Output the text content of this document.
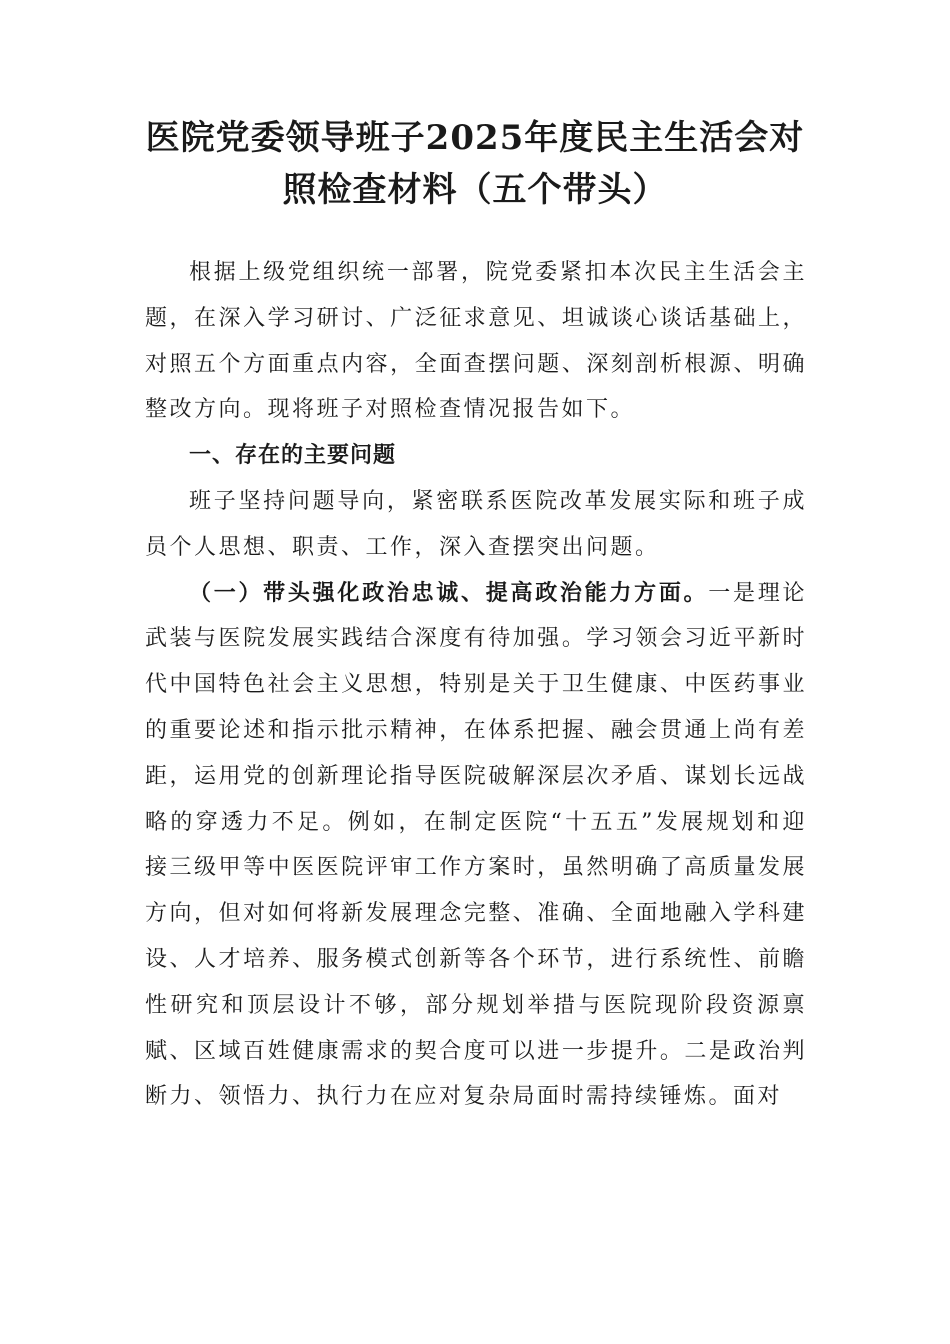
医院党委领导班子2025年度民主生活会对
照检查材料（五个带头）

根据上级党组织统一部署，院党委紧扣本次民主生活会主题，在深入学习研讨、广泛征求意见、坦诚谈心谈话基础上，对照五个方面重点内容，全面查摆问题、深刻剖析根源、明确整改方向。现将班子对照检查情况报告如下。

一、存在的主要问题

班子坚持问题导向，紧密联系医院改革发展实际和班子成员个人思想、职责、工作，深入查摆突出问题。

（一）带头强化政治忠诚、提高政治能力方面。一是理论武装与医院发展实践结合深度有待加强。学习领会习近平新时代中国特色社会主义思想，特别是关于卫生健康、中医药事业的重要论述和指示批示精神，在体系把握、融会贯通上尚有差距，运用党的创新理论指导医院破解深层次矛盾、谋划长远战略的穿透力不足。例如，在制定医院“十五五”发展规划和迎接三级甲等中医医院评审工作方案时，虽然明确了高质量发展方向，但对如何将新发展理念完整、准确、全面地融入学科建设、人才培养、服务模式创新等各个环节，进行系统性、前瞻性研究和顶层设计不够，部分规划举措与医院现阶段资源禀赋、区域百姓健康需求的契合度可以进一步提升。二是政治判断力、领悟力、执行力在应对复杂局面时需持续锤炼。面对
